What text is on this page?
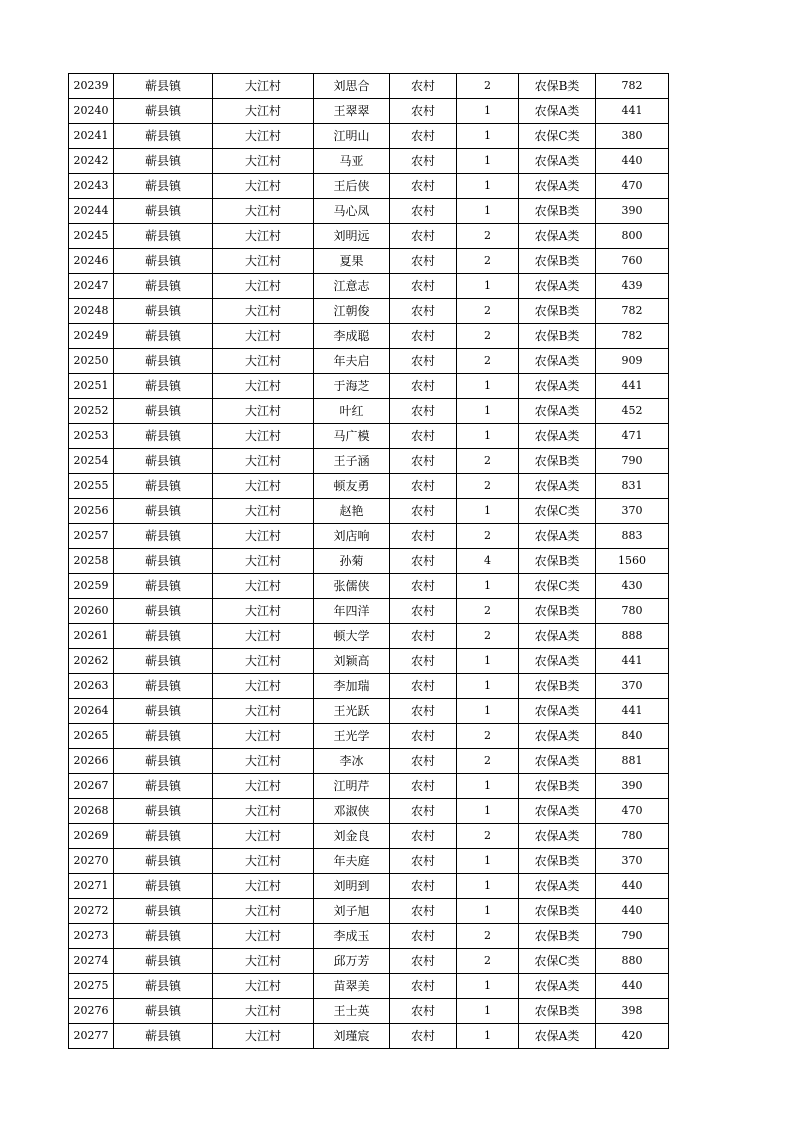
20239	蕲县镇	大江村	刘思合	农村	2	农保B类	782
20240	蕲县镇	大江村	王翠翠	农村	1	农保A类	441
20241	蕲县镇	大江村	江明山	农村	1	农保C类	380
20242	蕲县镇	大江村	马亚	农村	1	农保A类	440
20243	蕲县镇	大江村	王后侠	农村	1	农保A类	470
20244	蕲县镇	大江村	马心凤	农村	1	农保B类	390
20245	蕲县镇	大江村	刘明远	农村	2	农保A类	800
20246	蕲县镇	大江村	夏果	农村	2	农保B类	760
20247	蕲县镇	大江村	江意志	农村	1	农保A类	439
20248	蕲县镇	大江村	江朝俊	农村	2	农保B类	782
20249	蕲县镇	大江村	李成聪	农村	2	农保B类	782
20250	蕲县镇	大江村	年夫启	农村	2	农保A类	909
20251	蕲县镇	大江村	于海芝	农村	1	农保A类	441
20252	蕲县镇	大江村	叶红	农村	1	农保A类	452
20253	蕲县镇	大江村	马广模	农村	1	农保A类	471
20254	蕲县镇	大江村	王子涵	农村	2	农保B类	790
20255	蕲县镇	大江村	顿友勇	农村	2	农保A类	831
20256	蕲县镇	大江村	赵艳	农村	1	农保C类	370
20257	蕲县镇	大江村	刘店响	农村	2	农保A类	883
20258	蕲县镇	大江村	孙菊	农村	4	农保B类	1560
20259	蕲县镇	大江村	张儒侠	农村	1	农保C类	430
20260	蕲县镇	大江村	年四洋	农村	2	农保B类	780
20261	蕲县镇	大江村	顿大学	农村	2	农保A类	888
20262	蕲县镇	大江村	刘颖高	农村	1	农保A类	441
20263	蕲县镇	大江村	李加瑞	农村	1	农保B类	370
20264	蕲县镇	大江村	王光跃	农村	1	农保A类	441
20265	蕲县镇	大江村	王光学	农村	2	农保A类	840
20266	蕲县镇	大江村	李冰	农村	2	农保A类	881
20267	蕲县镇	大江村	江明芹	农村	1	农保B类	390
20268	蕲县镇	大江村	邓淑侠	农村	1	农保A类	470
20269	蕲县镇	大江村	刘金良	农村	2	农保A类	780
20270	蕲县镇	大江村	年夫庭	农村	1	农保B类	370
20271	蕲县镇	大江村	刘明到	农村	1	农保A类	440
20272	蕲县镇	大江村	刘子旭	农村	1	农保B类	440
20273	蕲县镇	大江村	李成玉	农村	2	农保B类	790
20274	蕲县镇	大江村	邱万芳	农村	2	农保C类	880
20275	蕲县镇	大江村	苗翠美	农村	1	农保A类	440
20276	蕲县镇	大江村	王士英	农村	1	农保B类	398
20277	蕲县镇	大江村	刘瑾宸	农村	1	农保A类	420
